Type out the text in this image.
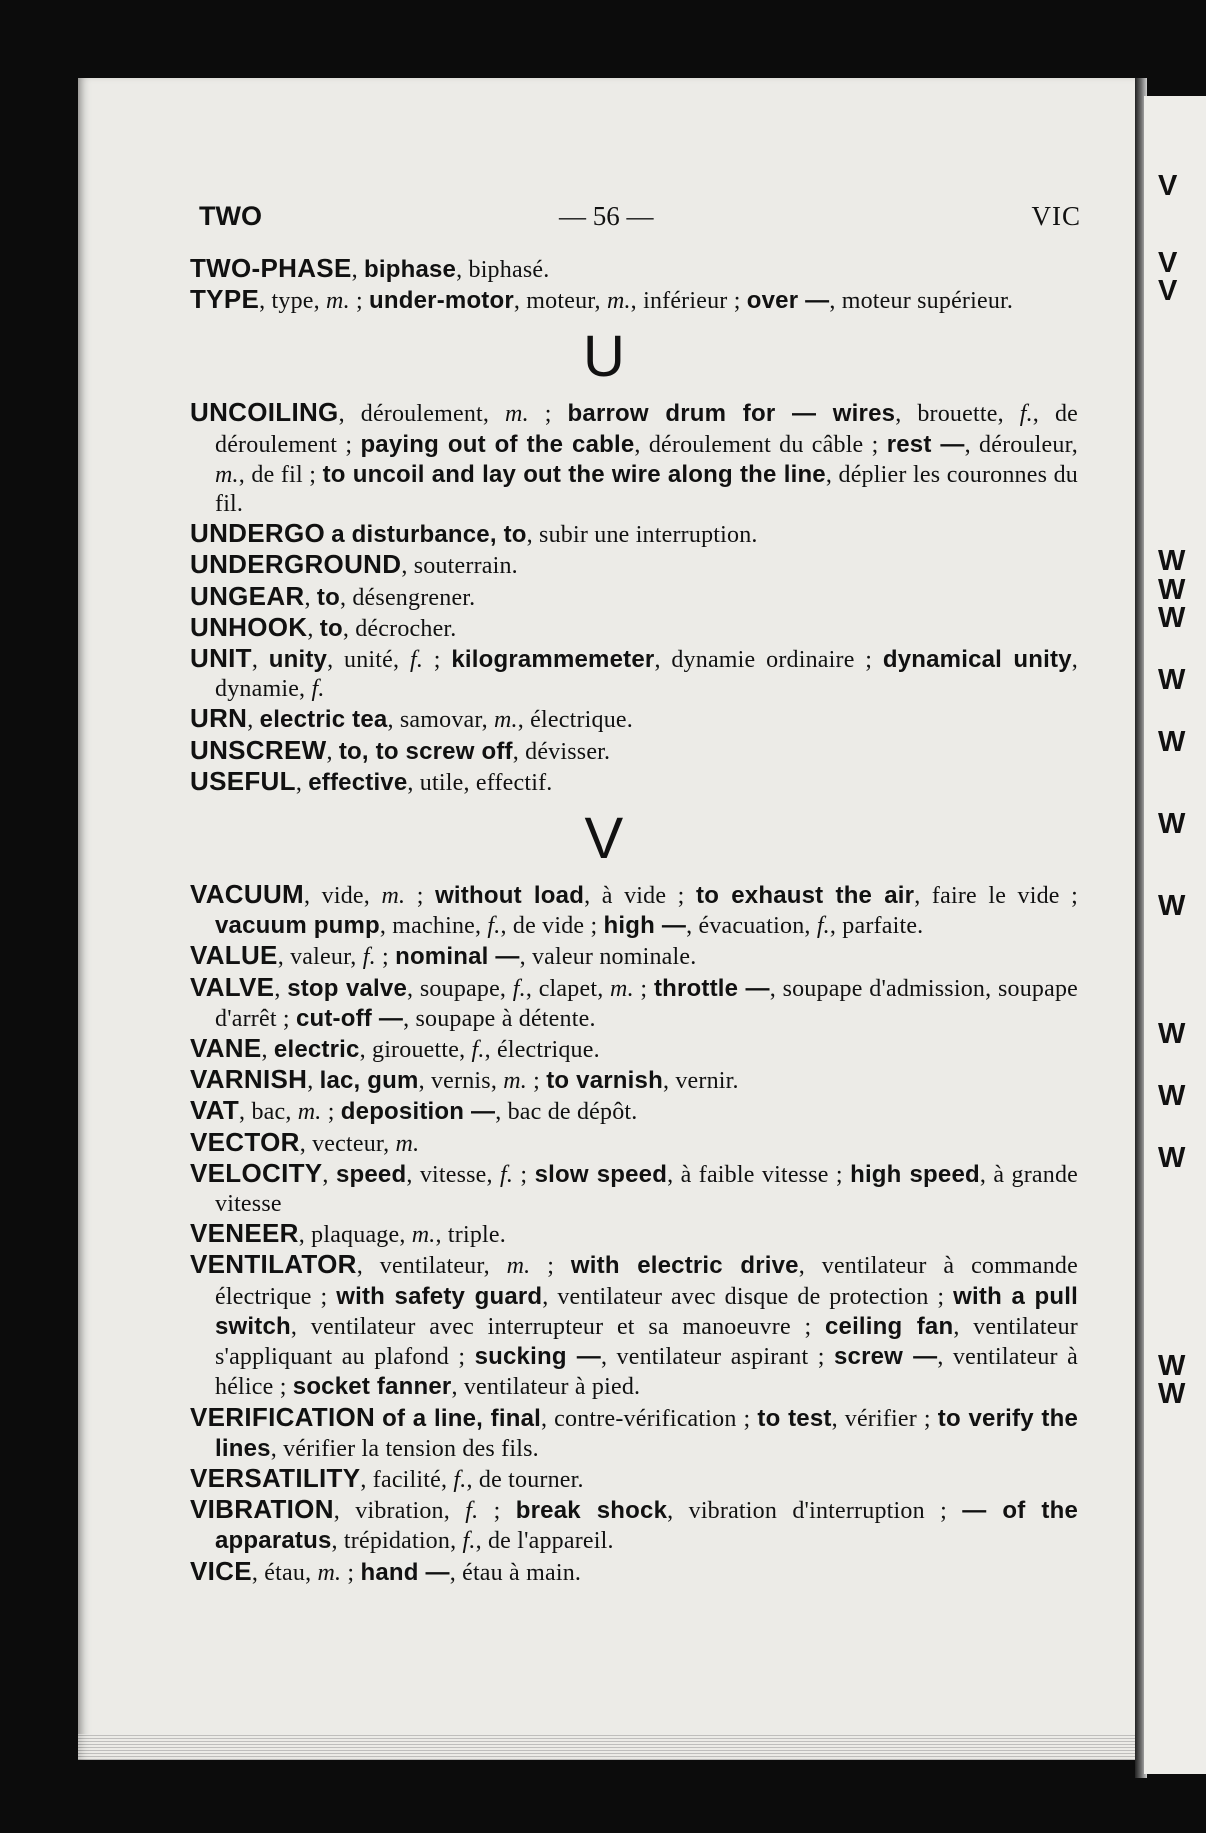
V
V
V
W
W
W
W
W
W
W
W
W
W
W
W
TWO	— 56 —	VIC

TWO-PHASE, biphase, biphasé.

TYPE, type, m. ; under-motor, moteur, m., inférieur ; over —, moteur supérieur.

U

UNCOILING, déroulement, m. ; barrow drum for — wires, brouette, f., de déroulement ; paying out of the cable, déroulement du câble ; rest —, dérouleur, m., de fil ; to uncoil and lay out the wire along the line, déplier les couronnes du fil.

UNDERGO a disturbance, to, subir une interruption.

UNDERGROUND, souterrain.

UNGEAR, to, désengrener.

UNHOOK, to, décrocher.

UNIT, unity, unité, f. ; kilogrammemeter, dynamie ordinaire ; dynamical unity, dynamie, f.

URN, electric tea, samovar, m., électrique.

UNSCREW, to, to screw off, dévisser.

USEFUL, effective, utile, effectif.

V

VACUUM, vide, m. ; without load, à vide ; to exhaust the air, faire le vide ; vacuum pump, machine, f., de vide ; high —, évacuation, f., parfaite.

VALUE, valeur, f. ; nominal —, valeur nominale.

VALVE, stop valve, soupape, f., clapet, m. ; throttle —, soupape d'admission, soupape d'arrêt ; cut-off —, soupape à détente.

VANE, electric, girouette, f., électrique.

VARNISH, lac, gum, vernis, m. ; to varnish, vernir.

VAT, bac, m. ; deposition —, bac de dépôt.

VECTOR, vecteur, m.

VELOCITY, speed, vitesse, f. ; slow speed, à faible vitesse ; high speed, à grande vitesse

VENEER, plaquage, m., triple.

VENTILATOR, ventilateur, m. ; with electric drive, ventilateur à commande électrique ; with safety guard, ventilateur avec disque de protection ; with a pull switch, ventilateur avec interrupteur et sa manoeuvre ; ceiling fan, ventilateur s'appliquant au plafond ; sucking —, ventilateur aspirant ; screw —, ventilateur à hélice ; socket fanner, ventilateur à pied.

VERIFICATION of a line, final, contre-vérification ; to test, vérifier ; to verify the lines, vérifier la tension des fils.

VERSATILITY, facilité, f., de tourner.

VIBRATION, vibration, f. ; break shock, vibration d'interruption ; — of the apparatus, trépidation, f., de l'appareil.

VICE, étau, m. ; hand —, étau à main.
